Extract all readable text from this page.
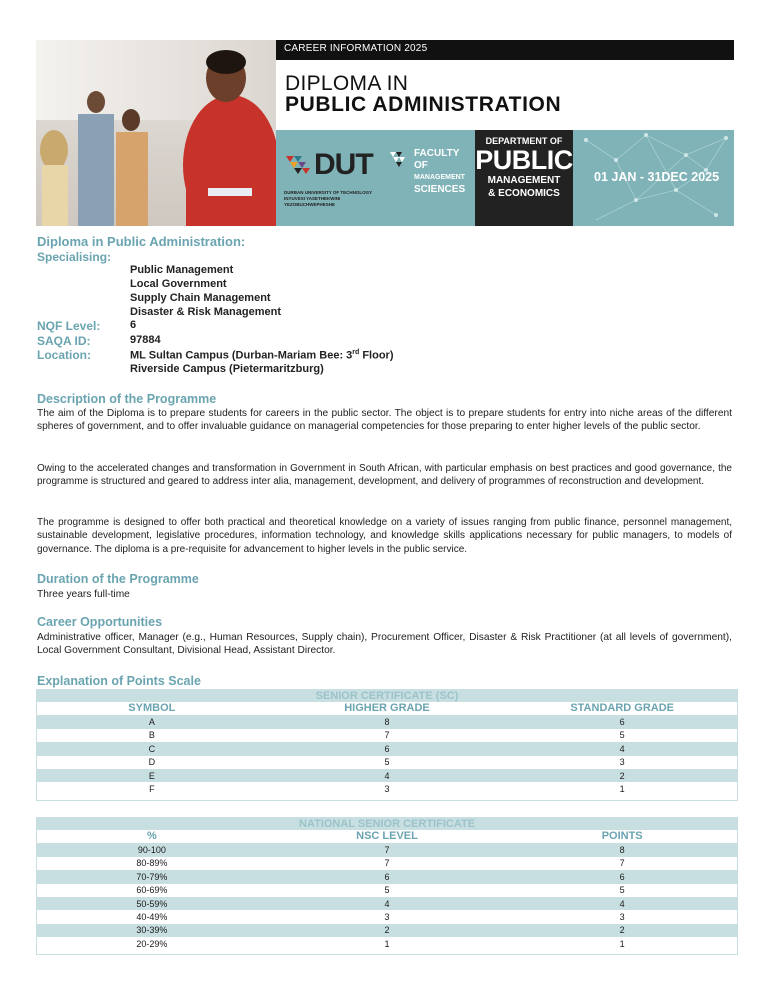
CAREER INFORMATION 2025
DIPLOMA IN
PUBLIC ADMINISTRATION
DUT
DURBAN UNIVERSITY OF TECHNOLOGY
INYUVESI YASETHEKWINI YEZOBUCHWEPHESHE
FACULTY OF
MANAGEMENT
SCIENCES
DEPARTMENT OF
PUBLIC
MANAGEMENT
& ECONOMICS
01 JAN - 31DEC 2025
Diploma in Public Administration:
Specialising:
Public Management
Local Government
Supply Chain Management
Disaster & Risk Management
NQF Level:	6
SAQA ID:	97884
Location:	ML Sultan Campus (Durban-Mariam Bee: 3rd Floor)
Riverside Campus (Pietermaritzburg)
Description of the Programme
The aim of the Diploma is to prepare students for careers in the public sector. The object is to prepare students for entry into niche areas of the different spheres of government, and to offer invaluable guidance on managerial competencies for those preparing to enter higher levels of the public sector.
Owing to the accelerated changes and transformation in Government in South African, with particular emphasis on best practices and good governance, the programme is structured and geared to address inter alia, management, development, and delivery of programmes of reconstruction and development.
The programme is designed to offer both practical and theoretical knowledge on a variety of issues ranging from public finance, personnel management, sustainable development, legislative procedures, information technology, and knowledge skills applications necessary for public managers, to models of governance. The diploma is a pre-requisite for advancement to higher levels in the public service.
Duration of the Programme
Three years full-time
Career Opportunities
Administrative officer, Manager (e.g., Human Resources, Supply chain), Procurement Officer, Disaster & Risk Practitioner (at all levels of government), Local Government Consultant, Divisional Head, Assistant Director.
Explanation of Points Scale
SENIOR CERTIFICATE (SC)		
SYMBOL	HIGHER GRADE	STANDARD GRADE
A	8	6
B	7	5
C	6	4
D	5	3
E	4	2
F	3	1
NATIONAL SENIOR CERTIFICATE		
%	NSC LEVEL	POINTS
90-100	7	8
80-89%	7	7
70-79%	6	6
60-69%	5	5
50-59%	4	4
40-49%	3	3
30-39%	2	2
20-29%	1	1
